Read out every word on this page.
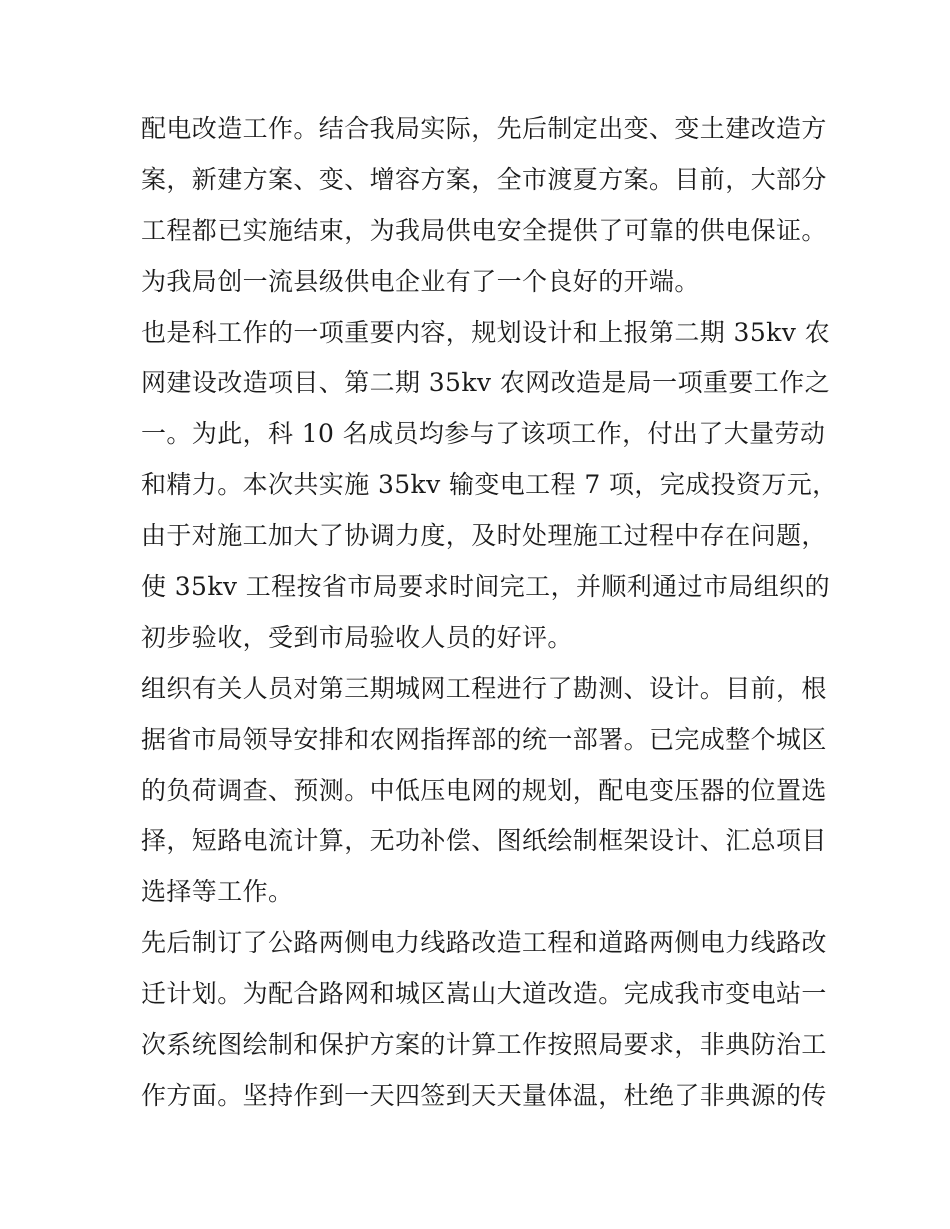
配电改造工作。结合我局实际，先后制定出变、变土建改造方
案，新建方案、变、增容方案，全市渡夏方案。目前，大部分
工程都已实施结束，为我局供电安全提供了可靠的供电保证。
为我局创一流县级供电企业有了一个良好的开端。
也是科工作的一项重要内容，规划设计和上报第二期 35kv 农
网建设改造项目、第二期 35kv 农网改造是局一项重要工作之
一。为此，科 10 名成员均参与了该项工作，付出了大量劳动
和精力。本次共实施 35kv 输变电工程 7 项，完成投资万元，
由于对施工加大了协调力度，及时处理施工过程中存在问题，
使 35kv 工程按省市局要求时间完工，并顺利通过市局组织的
初步验收，受到市局验收人员的好评。
组织有关人员对第三期城网工程进行了勘测、设计。目前，根
据省市局领导安排和农网指挥部的统一部署。已完成整个城区
的负荷调查、预测。中低压电网的规划，配电变压器的位置选
择，短路电流计算，无功补偿、图纸绘制框架设计、汇总项目
选择等工作。
先后制订了公路两侧电力线路改造工程和道路两侧电力线路改
迁计划。为配合路网和城区嵩山大道改造。完成我市变电站一
次系统图绘制和保护方案的计算工作按照局要求，非典防治工
作方面。坚持作到一天四签到天天量体温，杜绝了非典源的传
